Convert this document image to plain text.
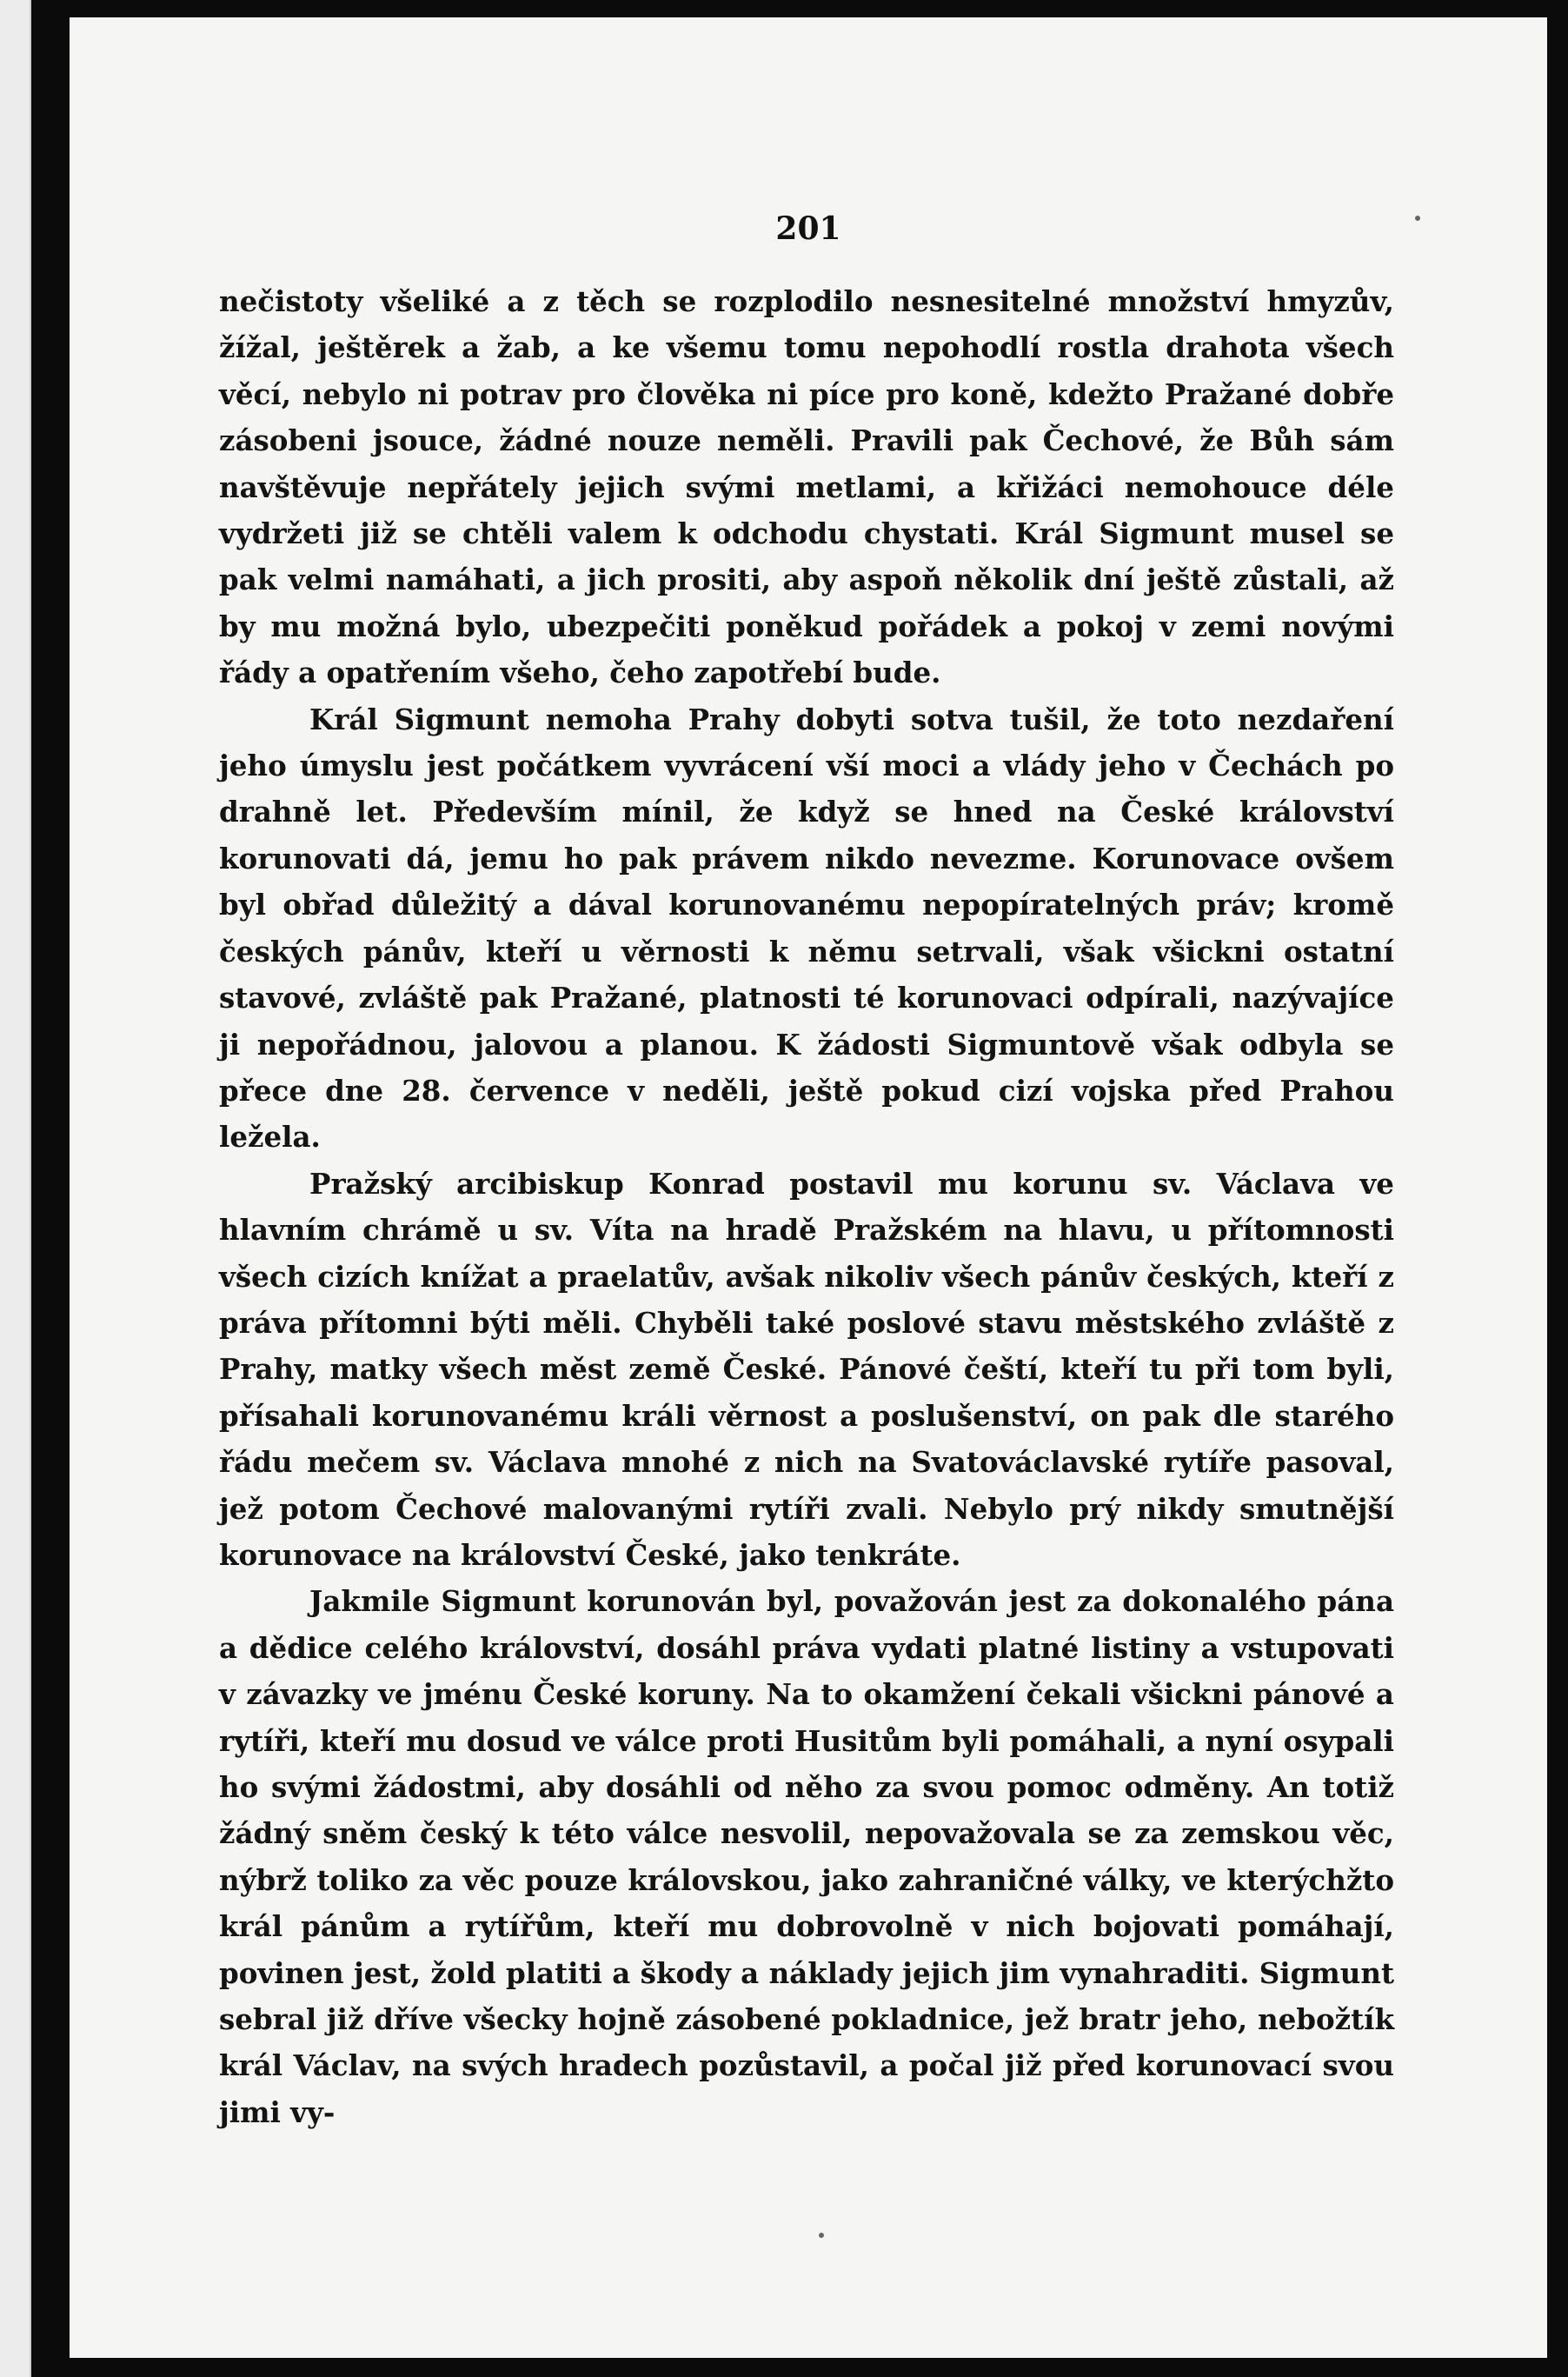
201

nečistoty všeliké a z těch se rozplodilo nesnesitelné množství hmyzův, žížal, ještěrek a žab, a ke všemu tomu nepohodlí rostla drahota všech věcí, nebylo ni potrav pro člověka ni píce pro koně, kdežto Pražané dobře zásobeni jsouce, žádné nouze neměli. Pravili pak Čechové, že Bůh sám navštěvuje nepřátely jejich svými metlami, a křižáci nemohouce déle vydržeti již se chtěli valem k odchodu chystati. Král Sigmunt musel se pak velmi namáhati, a jich prositi, aby aspoň několik dní ještě zůstali, až by mu možná bylo, ubezpečiti poněkud pořádek a pokoj v zemi novými řády a opatřením všeho, čeho zapotřebí bude.

Král Sigmunt nemoha Prahy dobyti sotva tušil, že toto nezdaření jeho úmyslu jest počátkem vyvrácení vší moci a vlády jeho v Čechách po drahně let. Především mínil, že když se hned na České království korunovati dá, jemu ho pak právem nikdo nevezme. Korunovace ovšem byl obřad důležitý a dával korunovanému nepopíratelných práv; kromě českých pánův, kteří u věrnosti k němu setrvali, však všickni ostatní stavové, zvláště pak Pražané, platnosti té korunovaci odpírali, nazývajíce ji nepořádnou, jalovou a planou. K žádosti Sigmuntově však odbyla se přece dne 28. července v neděli, ještě pokud cizí vojska před Prahou ležela.

Pražský arcibiskup Konrad postavil mu korunu sv. Václava ve hlavním chrámě u sv. Víta na hradě Pražském na hlavu, u přítomnosti všech cizích knížat a praelatův, avšak nikoliv všech pánův českých, kteří z práva přítomni býti měli. Chyběli také poslové stavu městského zvláště z Prahy, matky všech měst země České. Pánové čeští, kteří tu při tom byli, přísahali korunovanému králi věrnost a poslušenství, on pak dle starého řádu mečem sv. Václava mnohé z nich na Svatováclavské rytíře pasoval, jež potom Čechové malovanými rytíři zvali. Nebylo prý nikdy smutnější korunovace na království České, jako tenkráte.

Jakmile Sigmunt korunován byl, považován jest za dokonalého pána a dědice celého království, dosáhl práva vydati platné listiny a vstupovati v závazky ve jménu České koruny. Na to okamžení čekali všickni pánové a rytíři, kteří mu dosud ve válce proti Husitům byli pomáhali, a nyní osypali ho svými žádostmi, aby dosáhli od něho za svou pomoc odměny. An totiž žádný sněm český k této válce nesvolil, nepovažovala se za zemskou věc, nýbrž toliko za věc pouze královskou, jako zahraničné války, ve kterýchžto král pánům a rytířům, kteří mu dobrovolně v nich bojovati pomáhají, povinen jest, žold platiti a škody a náklady jejich jim vynahraditi. Sigmunt sebral již dříve všecky hojně zásobené pokladnice, jež bratr jeho, nebožtík král Václav, na svých hradech pozůstavil, a počal již před korunovací svou jimi vy-
